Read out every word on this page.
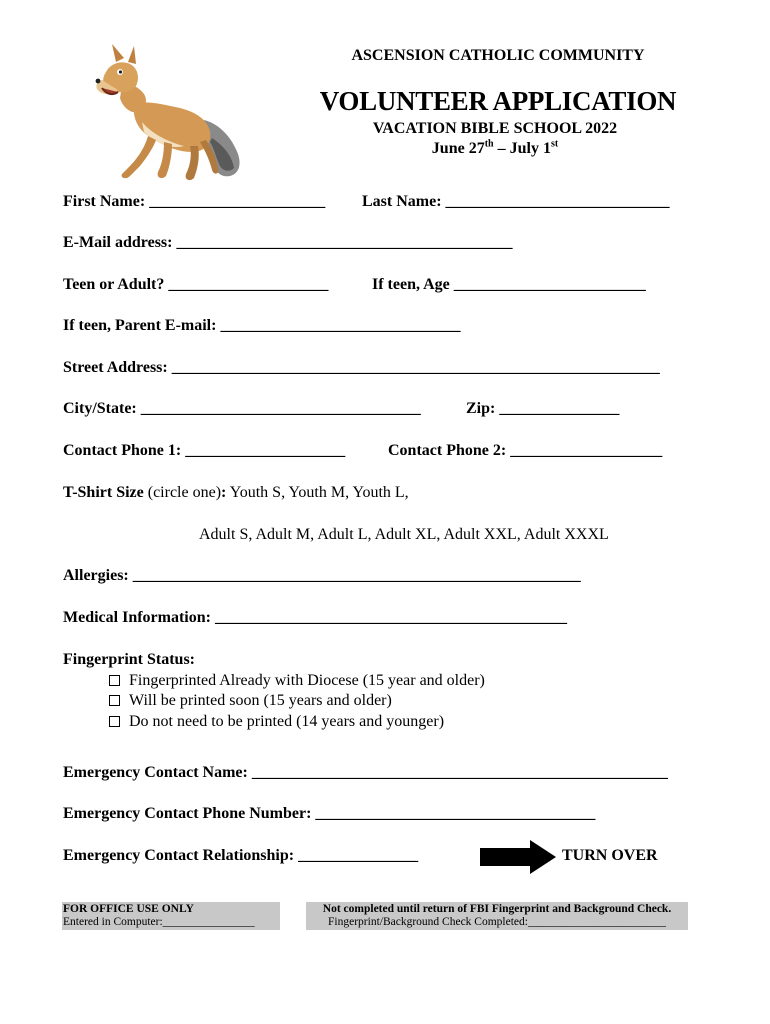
ASCENSION CATHOLIC COMMUNITY
VOLUNTEER APPLICATION
VACATION BIBLE SCHOOL 2022
June 27th – July 1st
First Name: ______________________ Last Name: ____________________________
E-Mail address: __________________________________________
Teen or Adult? ____________________	If teen, Age ________________________
If teen, Parent E-mail: ______________________________
Street Address: _____________________________________________________________
City/State: ___________________________________	Zip: _______________
Contact Phone 1: ____________________	Contact Phone 2: ___________________
T-Shirt Size (circle one): Youth S, Youth M, Youth L,
Adult S, Adult M, Adult L, Adult XL, Adult XXL, Adult XXXL
Allergies: ________________________________________________________
Medical Information: ____________________________________________
Fingerprint Status:
Fingerprinted Already with Diocese (15 year and older)
Will be printed soon (15 years and older)
Do not need to be printed (14 years and younger)
Emergency Contact Name: ____________________________________________________
Emergency Contact Phone Number: ___________________________________
Emergency Contact Relationship: _______________	TURN OVER
FOR OFFICE USE ONLY
Entered in Computer:________________
Not completed until return of FBI Fingerprint and Background Check.
Fingerprint/Background Check Completed:________________________
